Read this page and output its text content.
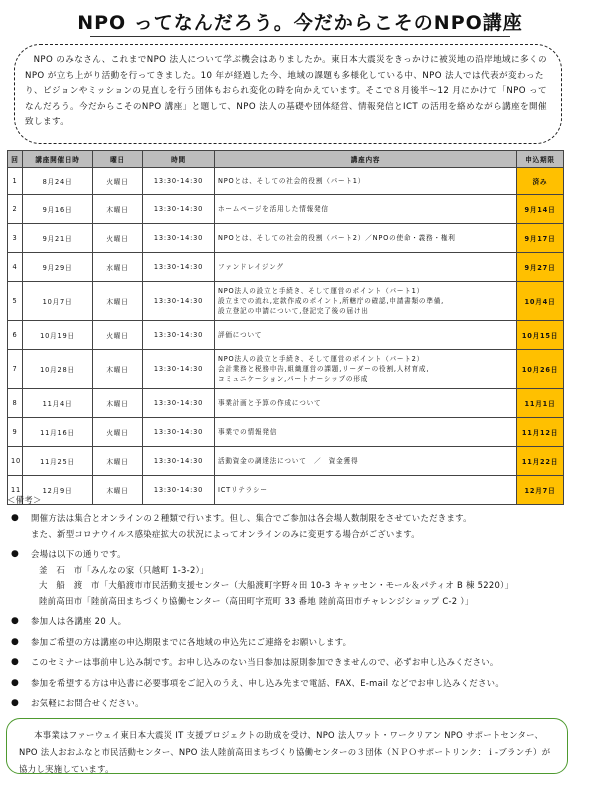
NPO ってなんだろう。今だからこそのNPO講座

NPO のみなさん、これまでNPO 法人について学ぶ機会はありましたか。東日本大震災をきっかけに被災地の沿岸地域に多くのNPO が立ち上がり活動を行ってきました。10 年が経過した今、地域の課題も多様化している中、NPO 法人では代表が変わったり、ビジョンやミッションの見直しを行う団体もおられ変化の時を向かえています。そこで８月後半～12 月にかけて「NPO ってなんだろう。今だからこそのNPO 講座」と題して、NPO 法人の基礎や団体経営、情報発信とICT の活用を絡めながら講座を開催致します。

回	講座開催日時	曜日	時間	講座内容	申込期限
1	8月24日	火曜日	13:30-14:30	NPOとは、そしての社会的役割（パート1）	済み
2	9月16日	木曜日	13:30-14:30	ホームページを活用した情報発信	9月14日
3	9月21日	火曜日	13:30-14:30	NPOとは、そしての社会的役割（パート2）／NPOの使命・義務・権利	9月17日
4	9月29日	水曜日	13:30-14:30	ファンドレイジング	9月27日
5	10月7日	木曜日	13:30-14:30	NPO法人の設立と手続き、そして運営のポイント（パート1）
設立までの流れ,定款作成のポイント,所轄庁の確認,申請書類の準備,
設立登記の申請について,登記完了後の届け出	10月4日
6	10月19日	火曜日	13:30-14:30	評価について	10月15日
7	10月28日	木曜日	13:30-14:30	NPO法人の設立と手続き、そして運営のポイント（パート2）
会計業務と税務申告,組織運営の課題,リーダーの役割,人材育成,
コミュニケーション,パートナーシップの形成	10月26日
8	11月4日	木曜日	13:30-14:30	事業計画と予算の作成について	11月1日
9	11月16日	火曜日	13:30-14:30	事業での情報発信	11月12日
10	11月25日	木曜日	13:30-14:30	活動資金の調達法について　／　資金獲得	11月22日
11	12月9日	木曜日	13:30-14:30	ICTリテラシー	12月7日
＜備考＞
● 開催方法は集合とオンラインの２種類で行います。但し、集合でご参加は各会場人数制限をさせていただきます。
また、新型コロナウイルス感染症拡大の状況によってオンラインのみに変更する場合がございます。
● 会場は以下の通りです。
釜　石　市「みんなの家（只越町 1-3-2）」
大　船　渡　市「大船渡市市民活動支援センター（大船渡町字野々田 10-3 キャッセン・モール＆パティオ B 棟 5220）」
陸前高田市「陸前高田まちづくり協働センター（高田町字荒町 33 番地 陸前高田市チャレンジショップ C-2 ）」
● 参加人は各講座 20 人。
● 参加ご希望の方は講座の申込期限までに各地域の申込先にご連絡をお願いします。
● このセミナーは事前申し込み制です。お申し込みのない当日参加は原則参加できませんので、必ずお申し込みください。
● 参加を希望する方は申込書に必要事項をご記入のうえ、申し込み先まで電話、FAX、E-mail などでお申し込みください。
● お気軽にお問合せください。

本事業はファーウェイ東日本大震災 IT 支援プロジェクトの助成を受け、NPO 法人ワット・ワークリアン NPO サポートセンター、NPO 法人おおふなと市民活動センター、NPO 法人陸前高田まちづくり協働センターの３団体（ＮＰＯサポートリンク：ｉ-ブランチ）が協力し実施しています。
